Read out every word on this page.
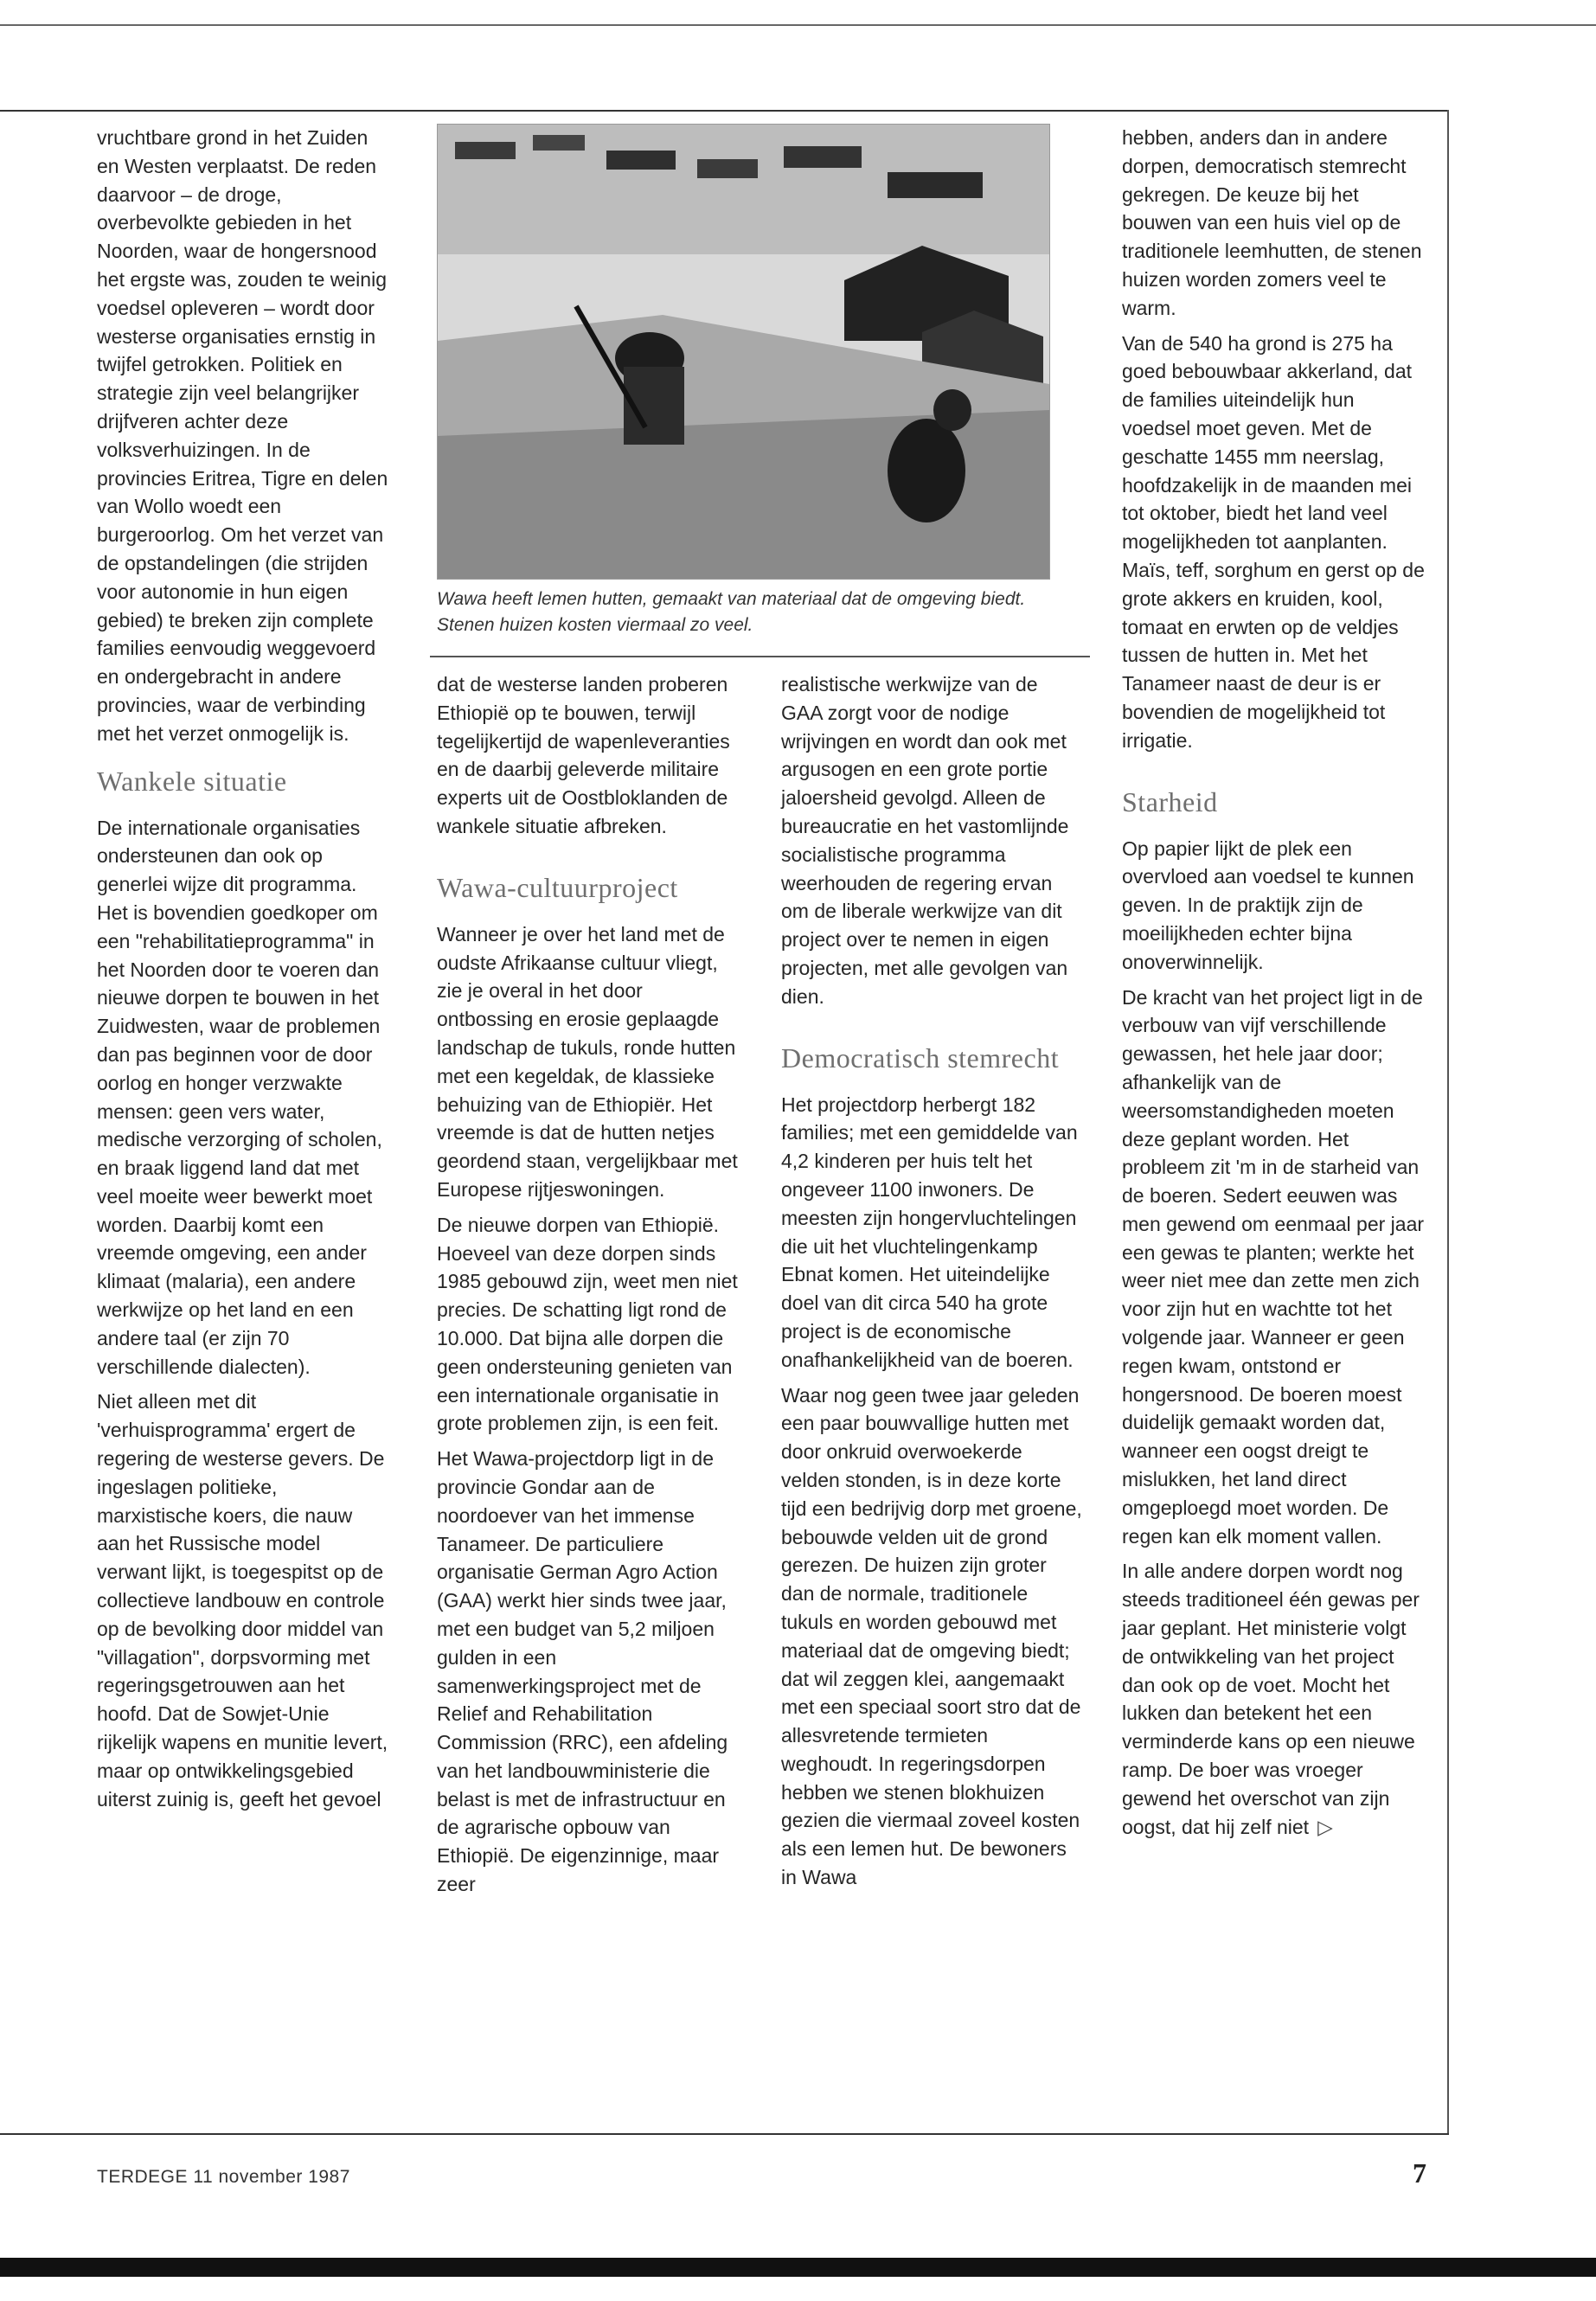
Wawa heeft lemen hutten, gemaakt van materiaal dat de omgeving biedt. Stenen huizen kosten viermaal zo veel.

vruchtbare grond in het Zuiden en Westen verplaatst. De reden daarvoor – de droge, overbevolkte gebieden in het Noorden, waar de hongersnood het ergste was, zouden te weinig voedsel opleveren – wordt door westerse organisaties ernstig in twijfel getrokken. Politiek en strategie zijn veel belangrijker drijfveren achter deze volksverhuizingen. In de provincies Eritrea, Tigre en delen van Wollo woedt een burgeroorlog. Om het verzet van de opstandelingen (die strijden voor autonomie in hun eigen gebied) te breken zijn complete families eenvoudig weggevoerd en ondergebracht in andere provincies, waar de verbinding met het verzet onmogelijk is.

Wankele situatie

De internationale organisaties ondersteunen dan ook op generlei wijze dit programma. Het is bovendien goedkoper om een "rehabilitatieprogramma" in het Noorden door te voeren dan nieuwe dorpen te bouwen in het Zuidwesten, waar de problemen dan pas beginnen voor de door oorlog en honger verzwakte mensen: geen vers water, medische verzorging of scholen, en braak liggend land dat met veel moeite weer bewerkt moet worden. Daarbij komt een vreemde omgeving, een ander klimaat (malaria), een andere werkwijze op het land en een andere taal (er zijn 70 verschillende dialecten).

Niet alleen met dit 'verhuisprogramma' ergert de regering de westerse gevers. De ingeslagen politieke, marxistische koers, die nauw aan het Russische model verwant lijkt, is toegespitst op de collectieve landbouw en controle op de bevolking door middel van "villagation", dorpsvorming met regeringsgetrouwen aan het hoofd. Dat de Sowjet-Unie rijkelijk wapens en munitie levert, maar op ontwikkelingsgebied uiterst zuinig is, geeft het gevoel

dat de westerse landen proberen Ethiopië op te bouwen, terwijl tegelijkertijd de wapenleveranties en de daarbij geleverde militaire experts uit de Oostbloklanden de wankele situatie afbreken.

Wawa-cultuurproject

Wanneer je over het land met de oudste Afrikaanse cultuur vliegt, zie je overal in het door ontbossing en erosie geplaagde landschap de tukuls, ronde hutten met een kegeldak, de klassieke behuizing van de Ethiopiër. Het vreemde is dat de hutten netjes geordend staan, vergelijkbaar met Europese rijtjeswoningen.

De nieuwe dorpen van Ethiopië. Hoeveel van deze dorpen sinds 1985 gebouwd zijn, weet men niet precies. De schatting ligt rond de 10.000. Dat bijna alle dorpen die geen ondersteuning genieten van een internationale organisatie in grote problemen zijn, is een feit.

Het Wawa-projectdorp ligt in de provincie Gondar aan de noordoever van het immense Tanameer. De particuliere organisatie German Agro Action (GAA) werkt hier sinds twee jaar, met een budget van 5,2 miljoen gulden in een samenwerkingsproject met de Relief and Rehabilitation Commission (RRC), een afdeling van het landbouwministerie die belast is met de infrastructuur en de agrarische opbouw van Ethiopië. De eigenzinnige, maar zeer

realistische werkwijze van de GAA zorgt voor de nodige wrijvingen en wordt dan ook met argusogen en een grote portie jaloersheid gevolgd. Alleen de bureaucratie en het vastomlijnde socialistische programma weerhouden de regering ervan om de liberale werkwijze van dit project over te nemen in eigen projecten, met alle gevolgen van dien.

Democratisch stemrecht

Het projectdorp herbergt 182 families; met een gemiddelde van 4,2 kinderen per huis telt het ongeveer 1100 inwoners. De meesten zijn hongervluchtelingen die uit het vluchtelingenkamp Ebnat komen. Het uiteindelijke doel van dit circa 540 ha grote project is de economische onafhankelijkheid van de boeren.

Waar nog geen twee jaar geleden een paar bouwvallige hutten met door onkruid overwoekerde velden stonden, is in deze korte tijd een bedrijvig dorp met groene, bebouwde velden uit de grond gerezen. De huizen zijn groter dan de normale, traditionele tukuls en worden gebouwd met materiaal dat de omgeving biedt; dat wil zeggen klei, aangemaakt met een speciaal soort stro dat de allesvretende termieten weghoudt. In regeringsdorpen hebben we stenen blokhuizen gezien die viermaal zoveel kosten als een lemen hut. De bewoners in Wawa

hebben, anders dan in andere dorpen, democratisch stemrecht gekregen. De keuze bij het bouwen van een huis viel op de traditionele leemhutten, de stenen huizen worden zomers veel te warm.

Van de 540 ha grond is 275 ha goed bebouwbaar akkerland, dat de families uiteindelijk hun voedsel moet geven. Met de geschatte 1455 mm neerslag, hoofdzakelijk in de maanden mei tot oktober, biedt het land veel mogelijkheden tot aanplanten. Maïs, teff, sorghum en gerst op de grote akkers en kruiden, kool, tomaat en erwten op de veldjes tussen de hutten in. Met het Tanameer naast de deur is er bovendien de mogelijkheid tot irrigatie.

Starheid

Op papier lijkt de plek een overvloed aan voedsel te kunnen geven. In de praktijk zijn de moeilijkheden echter bijna onoverwinnelijk.

De kracht van het project ligt in de verbouw van vijf verschillende gewassen, het hele jaar door; afhankelijk van de weersomstandigheden moeten deze geplant worden. Het probleem zit 'm in de starheid van de boeren. Sedert eeuwen was men gewend om eenmaal per jaar een gewas te planten; werkte het weer niet mee dan zette men zich voor zijn hut en wachtte tot het volgende jaar. Wanneer er geen regen kwam, ontstond er hongersnood. De boeren moest duidelijk gemaakt worden dat, wanneer een oogst dreigt te mislukken, het land direct omgeploegd moet worden. De regen kan elk moment vallen.

In alle andere dorpen wordt nog steeds traditioneel één gewas per jaar geplant. Het ministerie volgt de ontwikkeling van het project dan ook op de voet. Mocht het lukken dan betekent het een verminderde kans op een nieuwe ramp. De boer was vroeger gewend het overschot van zijn oogst, dat hij zelf niet ▷

TERDEGE 11 november 1987	7
